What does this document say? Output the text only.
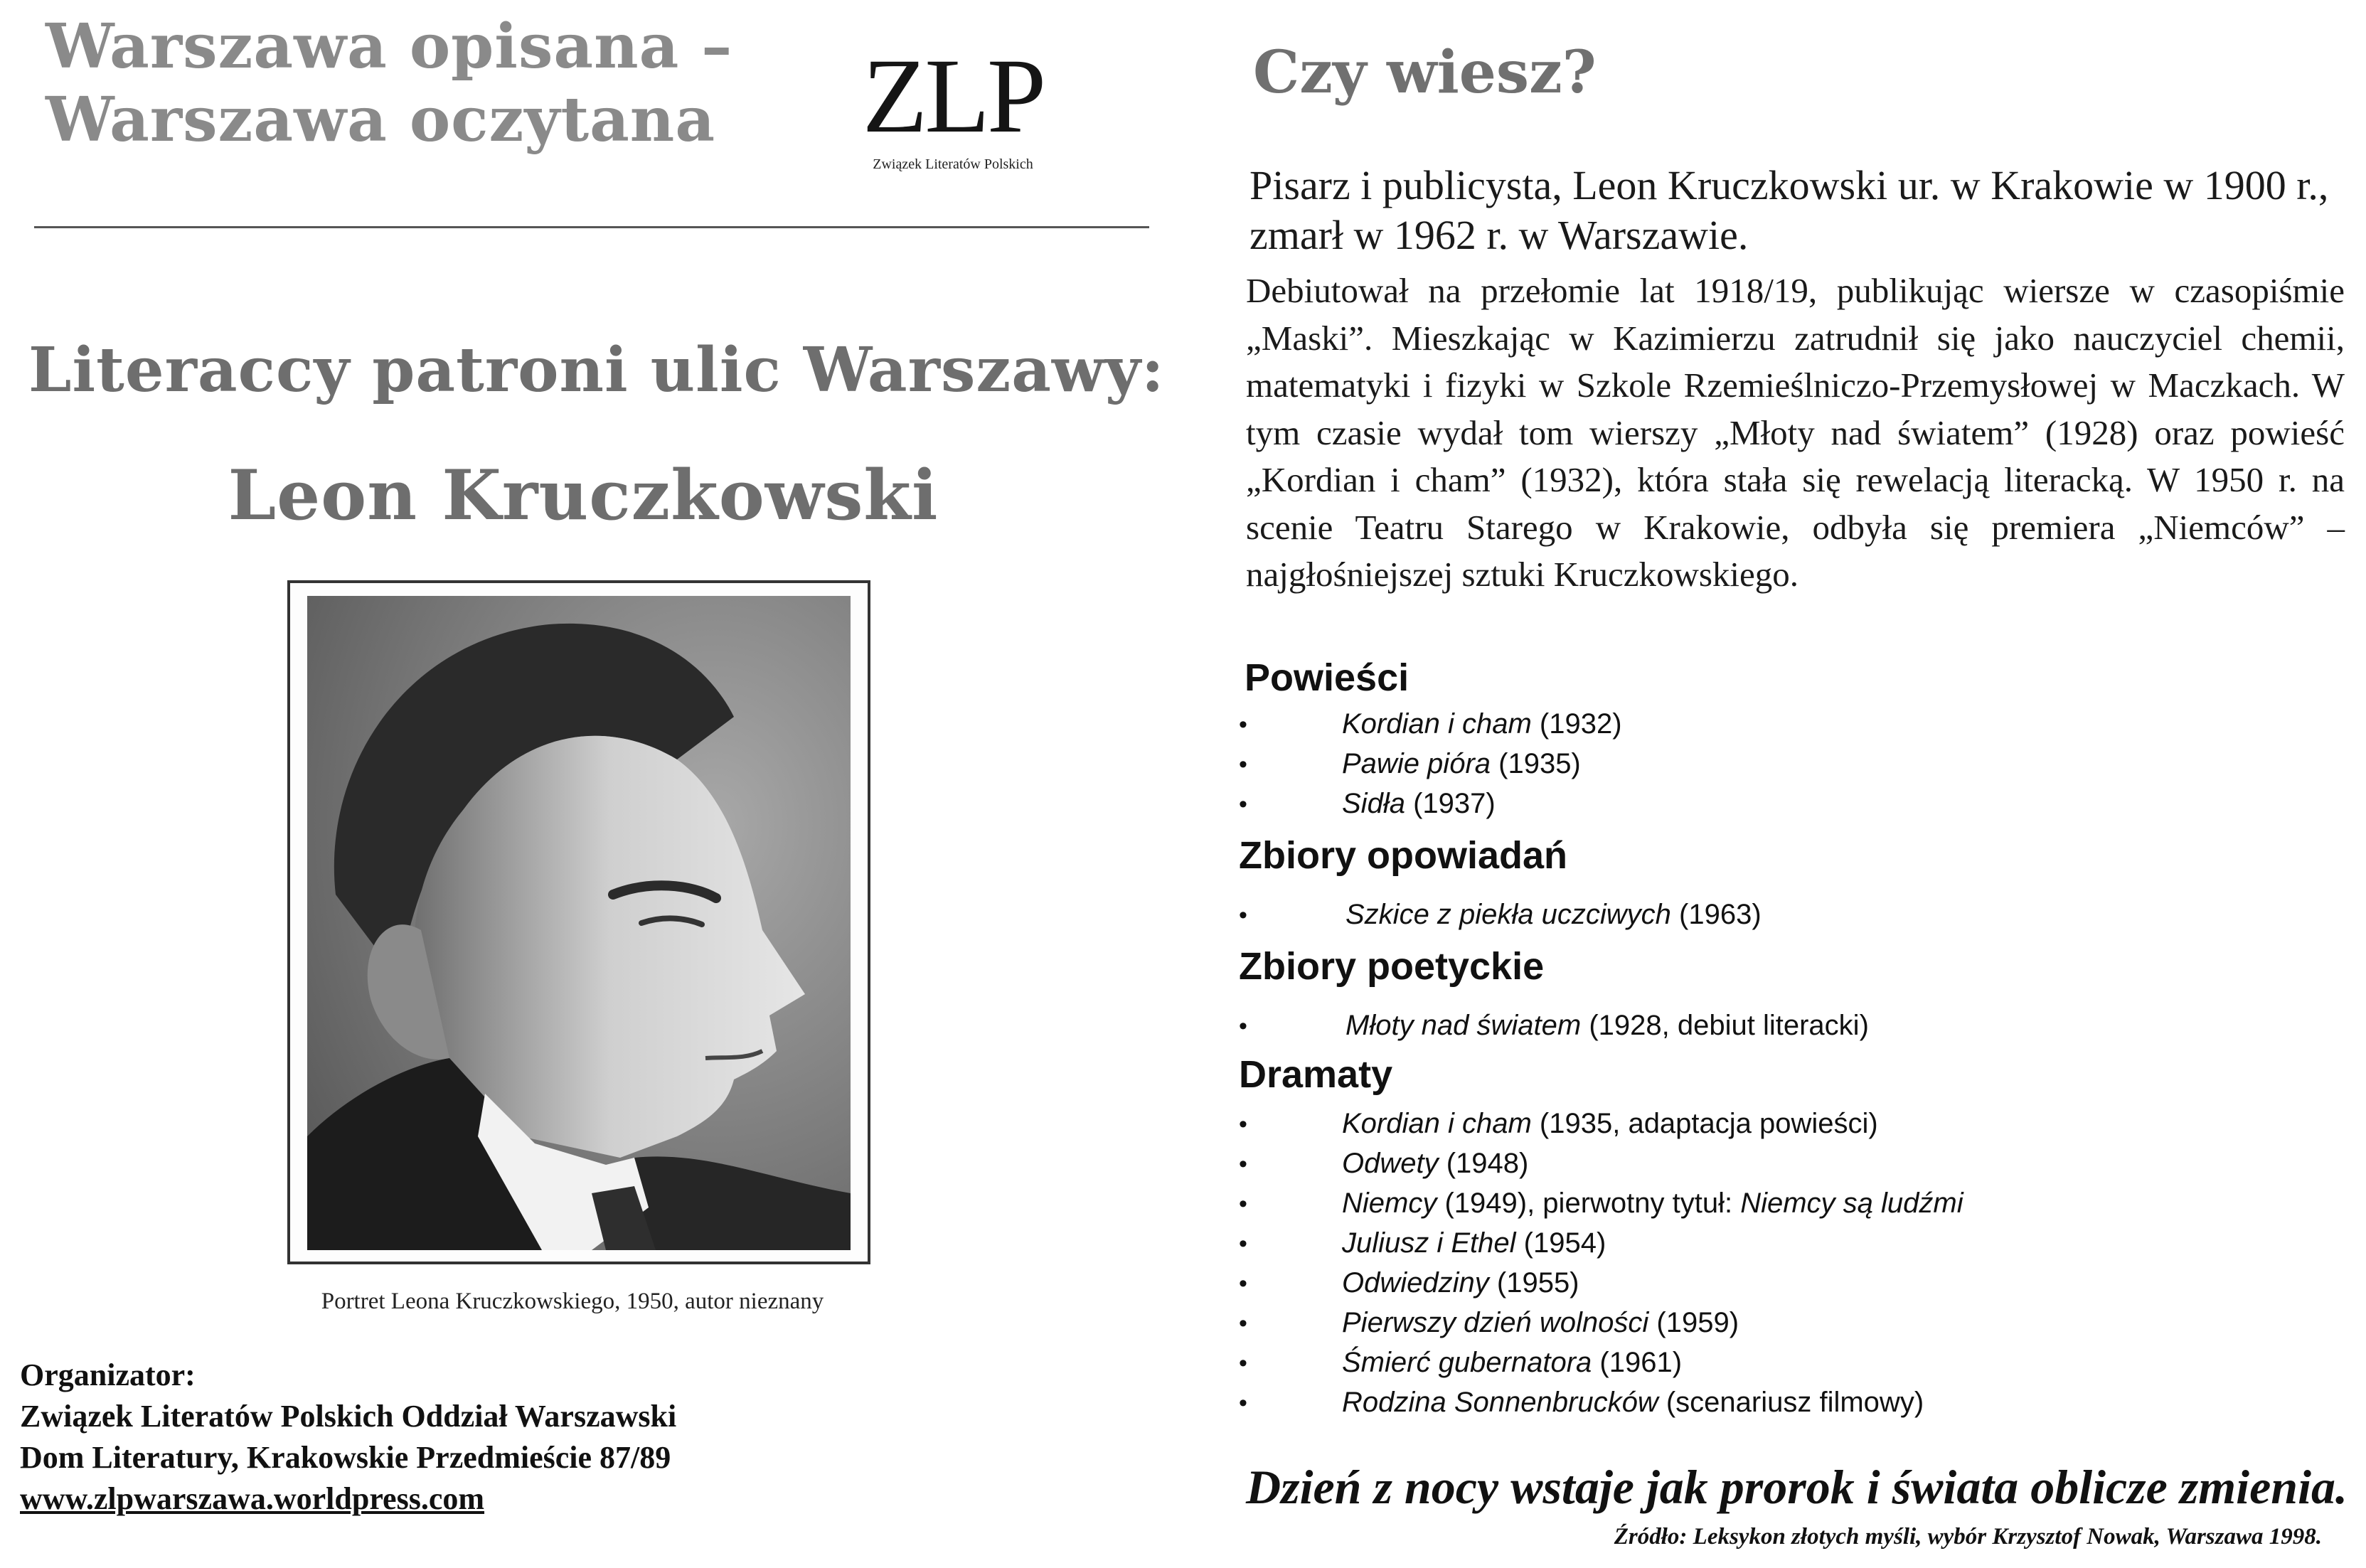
Warszawa opisana –
Warszawa oczytana	ZLP
Związek Literatów Polskich
Literaccy patroni ulic Warszawy:
Leon Kruczkowski
Portret Leona Kruczkowskiego, 1950, autor nieznany
Organizator:
Związek Literatów Polskich Oddział Warszawski
Dom Literatury, Krakowskie Przedmieście 87/89
www.zlpwarszawa.worldpress.com
Czy wiesz?
Pisarz i publicysta, Leon Kruczkowski ur. w Krakowie w 1900 r., zmarł w 1962 r. w Warszawie.
Debiutował na przełomie lat 1918/19, publikując wiersze w czasopiśmie „Maski”. Mieszkając w Kazimierzu zatrudnił się jako nauczyciel chemii, matematyki i fizyki w Szkole Rzemieślniczo-Przemysłowej w Maczkach. W tym czasie wydał tom wierszy „Młoty nad światem” (1928) oraz powieść „Kordian i cham” (1932), która stała się rewelacją literacką. W 1950 r. na scenie Teatru Starego w Krakowie, odbyła się premiera „Niemców” – najgłośniejszej sztuki Kruczkowskiego.
Powieści
•	Kordian i cham (1932)
•	Pawie pióra (1935)
•	Sidła (1937)
Zbiory opowiadań
•	Szkice z piekła uczciwych (1963)
Zbiory poetyckie
•	Młoty nad światem (1928, debiut literacki)
Dramaty
•	Kordian i cham (1935, adaptacja powieści)
•	Odwety (1948)
•	Niemcy (1949), pierwotny tytuł: Niemcy są ludźmi
•	Juliusz i Ethel (1954)
•	Odwiedziny (1955)
•	Pierwszy dzień wolności (1959)
•	Śmierć gubernatora (1961)
•	Rodzina Sonnenbrucków (scenariusz filmowy)
Dzień z nocy wstaje jak prorok i świata oblicze zmienia.
Źródło: Leksykon złotych myśli, wybór Krzysztof Nowak, Warszawa 1998.
